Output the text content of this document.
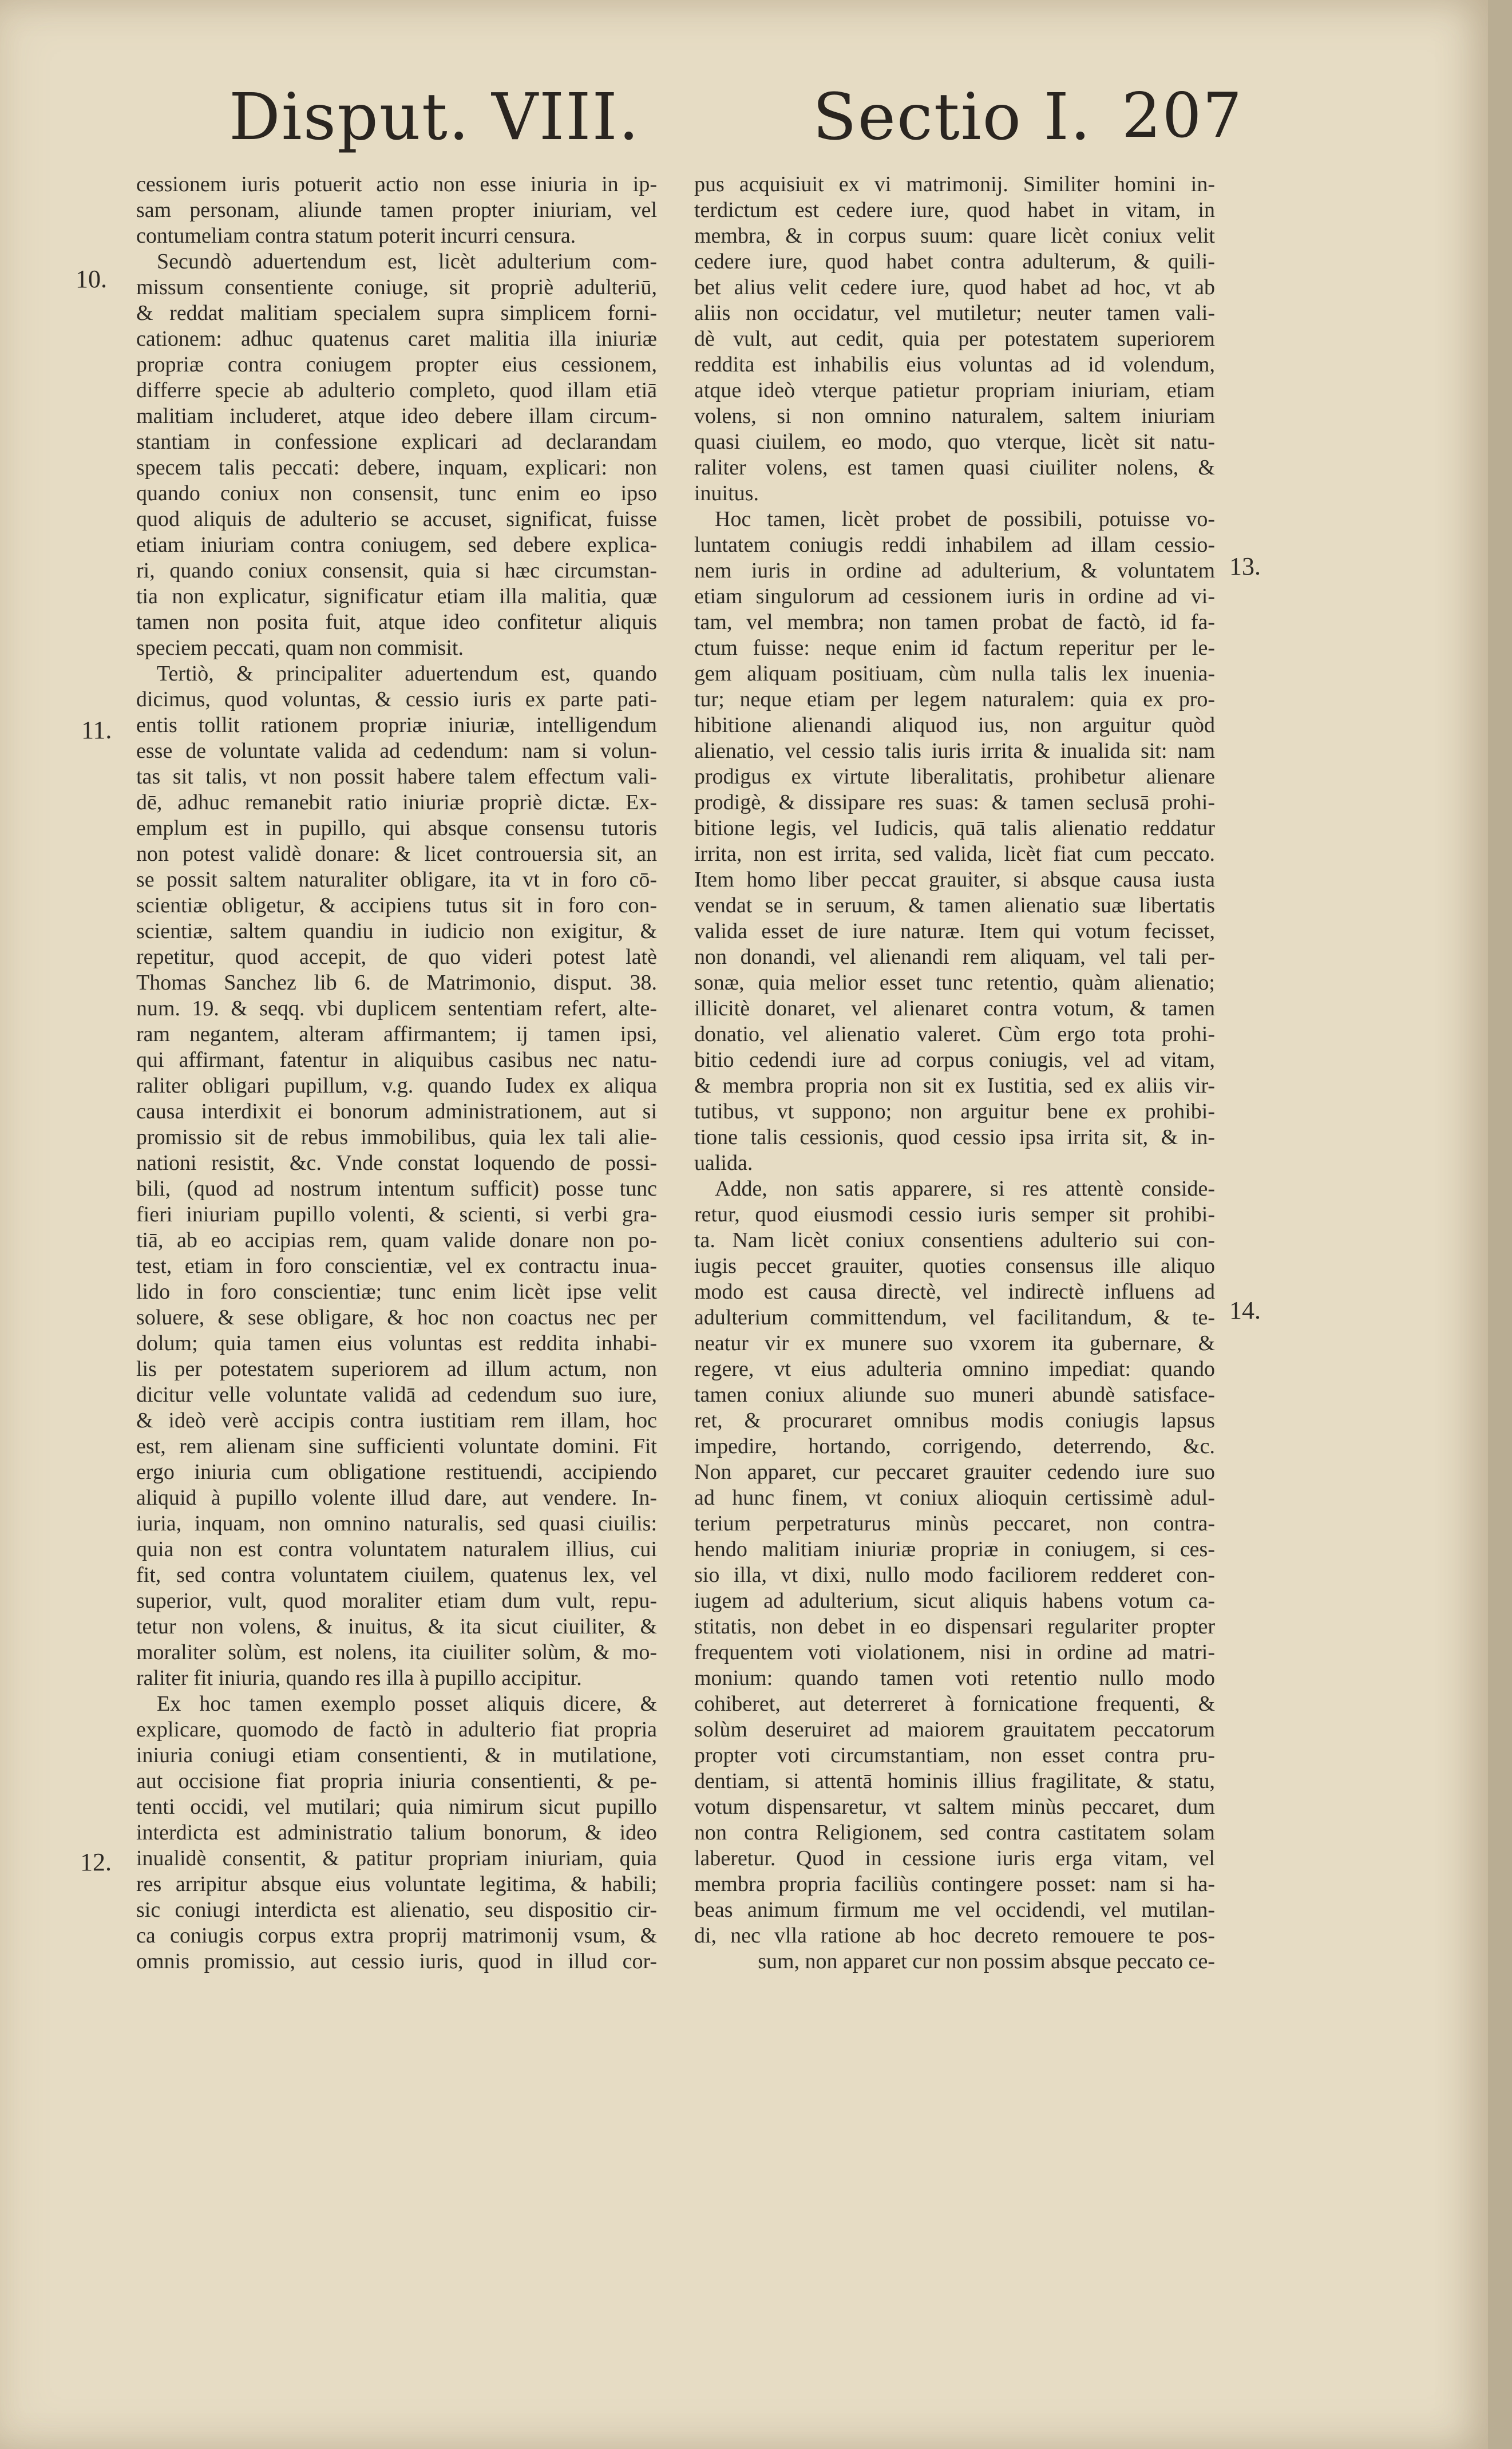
Disput. VIII.	Sectio I. 207
10.
11.
12.
13.
14.
cessionem iuris potuerit actio non esse iniuria in ip-
sam personam, aliunde tamen propter iniuriam, vel
contumeliam contra statum poterit incurri censura.
Secundò aduertendum est, licèt adulterium com-
missum consentiente coniuge, sit propriè adulteriū,
& reddat malitiam specialem supra simplicem forni-
cationem: adhuc quatenus caret malitia illa iniuriæ
propriæ contra coniugem propter eius cessionem,
differre specie ab adulterio completo, quod illam etiā
malitiam includeret, atque ideo debere illam circum-
stantiam in confessione explicari ad declarandam
specem talis peccati: debere, inquam, explicari: non
quando coniux non consensit, tunc enim eo ipso
quod aliquis de adulterio se accuset, significat, fuisse
etiam iniuriam contra coniugem, sed debere explica-
ri, quando coniux consensit, quia si hæc circumstan-
tia non explicatur, significatur etiam illa malitia, quæ
tamen non posita fuit, atque ideo confitetur aliquis
speciem peccati, quam non commisit.
Tertiò, & principaliter aduertendum est, quando
dicimus, quod voluntas, & cessio iuris ex parte pati-
entis tollit rationem propriæ iniuriæ, intelligendum
esse de voluntate valida ad cedendum: nam si volun-
tas sit talis, vt non possit habere talem effectum vali-
dē, adhuc remanebit ratio iniuriæ propriè dictæ. Ex-
emplum est in pupillo, qui absque consensu tutoris
non potest validè donare: & licet controuersia sit, an
se possit saltem naturaliter obligare, ita vt in foro cō-
scientiæ obligetur, & accipiens tutus sit in foro con-
scientiæ, saltem quandiu in iudicio non exigitur, &
repetitur, quod accepit, de quo videri potest latè
Thomas Sanchez lib 6. de Matrimonio, disput. 38.
num. 19. & seqq. vbi duplicem sententiam refert, alte-
ram negantem, alteram affirmantem; ij tamen ipsi,
qui affirmant, fatentur in aliquibus casibus nec natu-
raliter obligari pupillum, v.g. quando Iudex ex aliqua
causa interdixit ei bonorum administrationem, aut si
promissio sit de rebus immobilibus, quia lex tali alie-
nationi resistit, &c. Vnde constat loquendo de possi-
bili, (quod ad nostrum intentum sufficit) posse tunc
fieri iniuriam pupillo volenti, & scienti, si verbi gra-
tiā, ab eo accipias rem, quam valide donare non po-
test, etiam in foro conscientiæ, vel ex contractu inua-
lido in foro conscientiæ; tunc enim licèt ipse velit
soluere, & sese obligare, & hoc non coactus nec per
dolum; quia tamen eius voluntas est reddita inhabi-
lis per potestatem superiorem ad illum actum, non
dicitur velle voluntate validā ad cedendum suo iure,
& ideò verè accipis contra iustitiam rem illam, hoc
est, rem alienam sine sufficienti voluntate domini. Fit
ergo iniuria cum obligatione restituendi, accipiendo
aliquid à pupillo volente illud dare, aut vendere. In-
iuria, inquam, non omnino naturalis, sed quasi ciuilis:
quia non est contra voluntatem naturalem illius, cui
fit, sed contra voluntatem ciuilem, quatenus lex, vel
superior, vult, quod moraliter etiam dum vult, repu-
tetur non volens, & inuitus, & ita sicut ciuiliter, &
moraliter solùm, est nolens, ita ciuiliter solùm, & mo-
raliter fit iniuria, quando res illa à pupillo accipitur.
Ex hoc tamen exemplo posset aliquis dicere, &
explicare, quomodo de factò in adulterio fiat propria
iniuria coniugi etiam consentienti, & in mutilatione,
aut occisione fiat propria iniuria consentienti, & pe-
tenti occidi, vel mutilari; quia nimirum sicut pupillo
interdicta est administratio talium bonorum, & ideo
inualidè consentit, & patitur propriam iniuriam, quia
res arripitur absque eius voluntate legitima, & habili;
sic coniugi interdicta est alienatio, seu dispositio cir-
ca coniugis corpus extra proprij matrimonij vsum, &
omnis promissio, aut cessio iuris, quod in illud cor-
pus acquisiuit ex vi matrimonij. Similiter homini in-
terdictum est cedere iure, quod habet in vitam, in
membra, & in corpus suum: quare licèt coniux velit
cedere iure, quod habet contra adulterum, & quili-
bet alius velit cedere iure, quod habet ad hoc, vt ab
aliis non occidatur, vel mutiletur; neuter tamen vali-
dè vult, aut cedit, quia per potestatem superiorem
reddita est inhabilis eius voluntas ad id volendum,
atque ideò vterque patietur propriam iniuriam, etiam
volens, si non omnino naturalem, saltem iniuriam
quasi ciuilem, eo modo, quo vterque, licèt sit natu-
raliter volens, est tamen quasi ciuiliter nolens, &
inuitus.
Hoc tamen, licèt probet de possibili, potuisse vo-
luntatem coniugis reddi inhabilem ad illam cessio-
nem iuris in ordine ad adulterium, & voluntatem
etiam singulorum ad cessionem iuris in ordine ad vi-
tam, vel membra; non tamen probat de factò, id fa-
ctum fuisse: neque enim id factum reperitur per le-
gem aliquam positiuam, cùm nulla talis lex inuenia-
tur; neque etiam per legem naturalem: quia ex pro-
hibitione alienandi aliquod ius, non arguitur quòd
alienatio, vel cessio talis iuris irrita & inualida sit: nam
prodigus ex virtute liberalitatis, prohibetur alienare
prodigè, & dissipare res suas: & tamen seclusā prohi-
bitione legis, vel Iudicis, quā talis alienatio reddatur
irrita, non est irrita, sed valida, licèt fiat cum peccato.
Item homo liber peccat grauiter, si absque causa iusta
vendat se in seruum, & tamen alienatio suæ libertatis
valida esset de iure naturæ. Item qui votum fecisset,
non donandi, vel alienandi rem aliquam, vel tali per-
sonæ, quia melior esset tunc retentio, quàm alienatio;
illicitè donaret, vel alienaret contra votum, & tamen
donatio, vel alienatio valeret. Cùm ergo tota prohi-
bitio cedendi iure ad corpus coniugis, vel ad vitam,
& membra propria non sit ex Iustitia, sed ex aliis vir-
tutibus, vt suppono; non arguitur bene ex prohibi-
tione talis cessionis, quod cessio ipsa irrita sit, & in-
ualida.
Adde, non satis apparere, si res attentè conside-
retur, quod eiusmodi cessio iuris semper sit prohibi-
ta. Nam licèt coniux consentiens adulterio sui con-
iugis peccet grauiter, quoties consensus ille aliquo
modo est causa directè, vel indirectè influens ad
adulterium committendum, vel facilitandum, & te-
neatur vir ex munere suo vxorem ita gubernare, &
regere, vt eius adulteria omnino impediat: quando
tamen coniux aliunde suo muneri abundè satisface-
ret, & procuraret omnibus modis coniugis lapsus
impedire, hortando, corrigendo, deterrendo, &c.
Non apparet, cur peccaret grauiter cedendo iure suo
ad hunc finem, vt coniux alioquin certissimè adul-
terium perpetraturus minùs peccaret, non contra-
hendo malitiam iniuriæ propriæ in coniugem, si ces-
sio illa, vt dixi, nullo modo faciliorem redderet con-
iugem ad adulterium, sicut aliquis habens votum ca-
stitatis, non debet in eo dispensari regulariter propter
frequentem voti violationem, nisi in ordine ad matri-
monium: quando tamen voti retentio nullo modo
cohiberet, aut deterreret à fornicatione frequenti, &
solùm deseruiret ad maiorem grauitatem peccatorum
propter voti circumstantiam, non esset contra pru-
dentiam, si attentā hominis illius fragilitate, & statu,
votum dispensaretur, vt saltem minùs peccaret, dum
non contra Religionem, sed contra castitatem solam
laberetur. Quod in cessione iuris erga vitam, vel
membra propria faciliùs contingere posset: nam si ha-
beas animum firmum me vel occidendi, vel mutilan-
di, nec vlla ratione ab hoc decreto remouere te pos-
sum, non apparet cur non possim absque peccato ce-
